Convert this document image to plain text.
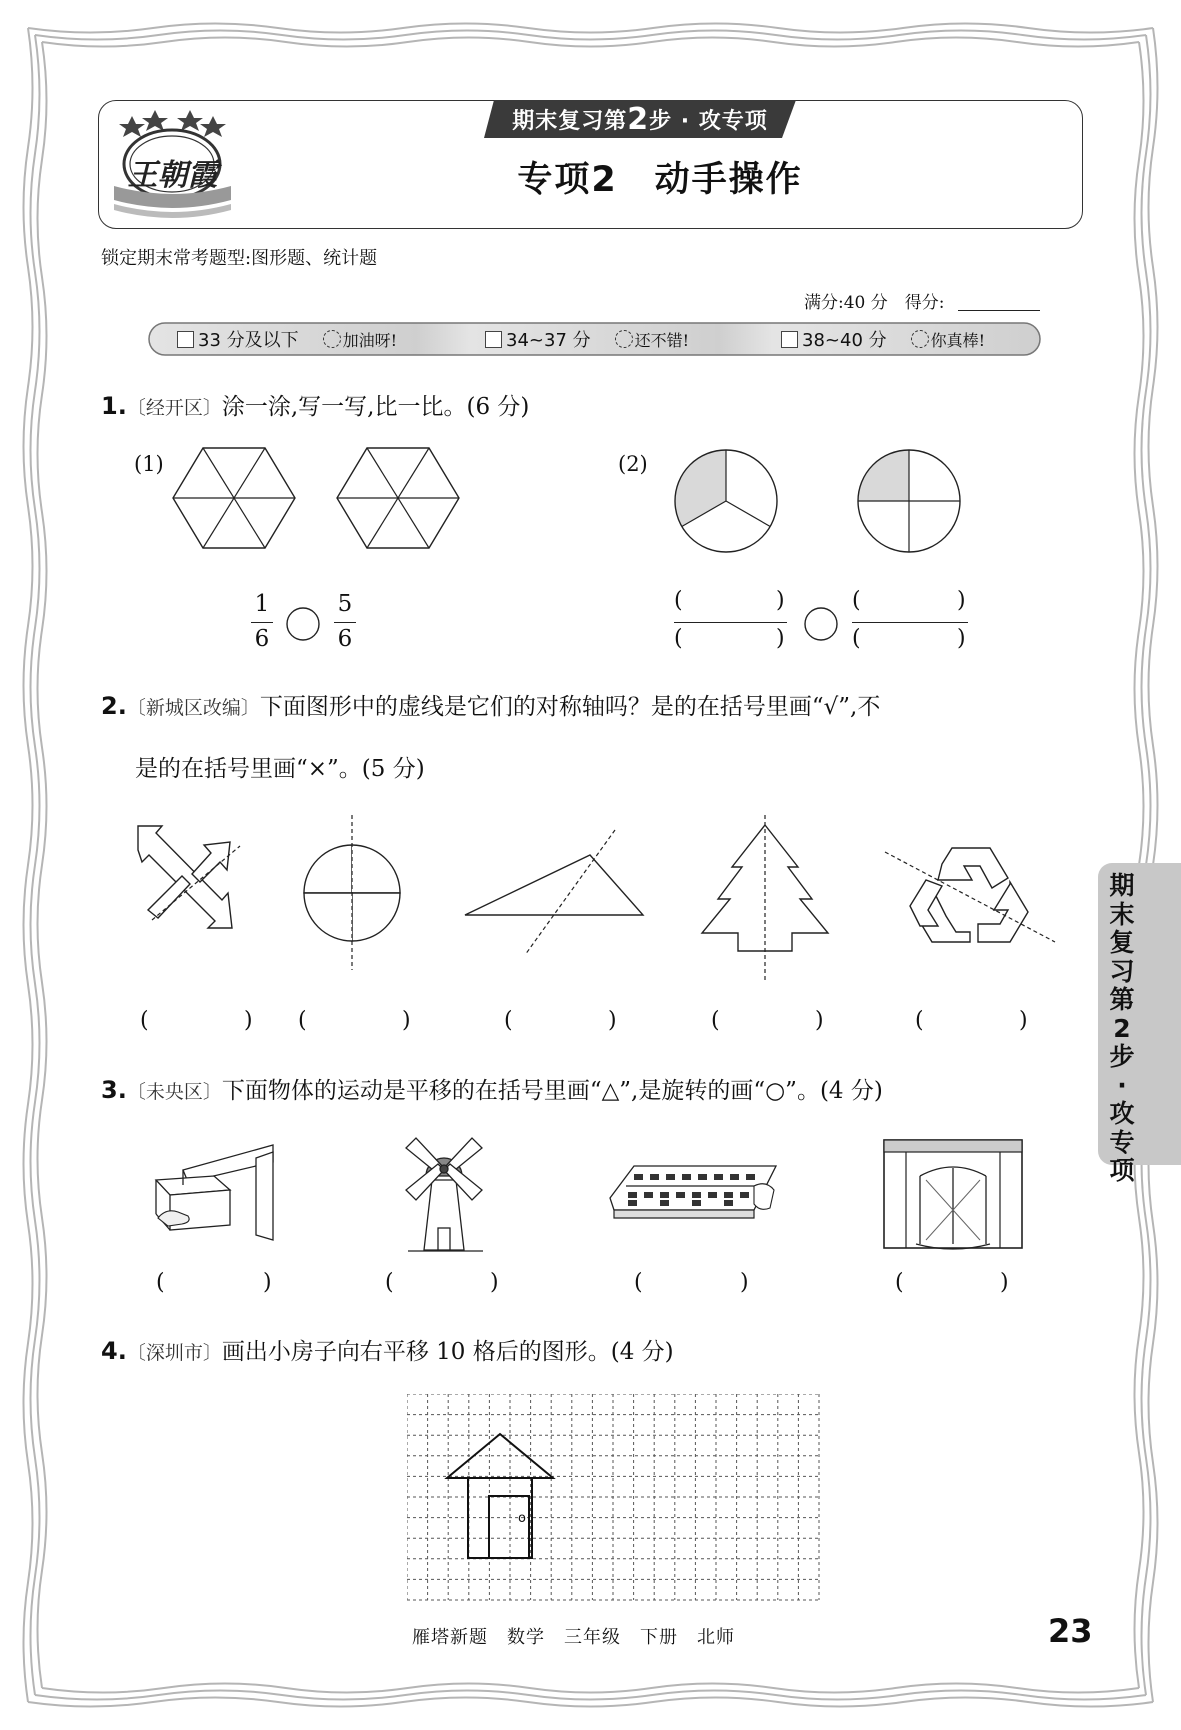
王朝霞
期末复习第 2 步 · 攻专项
专项2　动手操作
锁定期末常考题型:图形题、统计题
满分:40 分　得分:
33 分及以下	加油呀!	34~37 分	还不错!	38~40 分	你真棒!
1.〔经开区〕涂一涂,写一写,比一比。(6 分)
(1)	(2)
1
6
5
6
(	)
(	)
(	)
(	)
2.〔新城区改编〕下面图形中的虚线是它们的对称轴吗？是的在括号里画“√”,不
是的在括号里画“×”。(5 分)
(	) (	)	(	)	(	)	(	)
3.〔未央区〕下面物体的运动是平移的在括号里画“△”,是旋转的画“○”。(4 分)
(	)	(	)	(	)	(	)
4.〔深圳市〕画出小房子向右平移 10 格后的图形。(4 分)
o
期
末
复
习
第
2
步
·
攻
专
项
雁塔新题　数学　三年级　下册　北师	23
